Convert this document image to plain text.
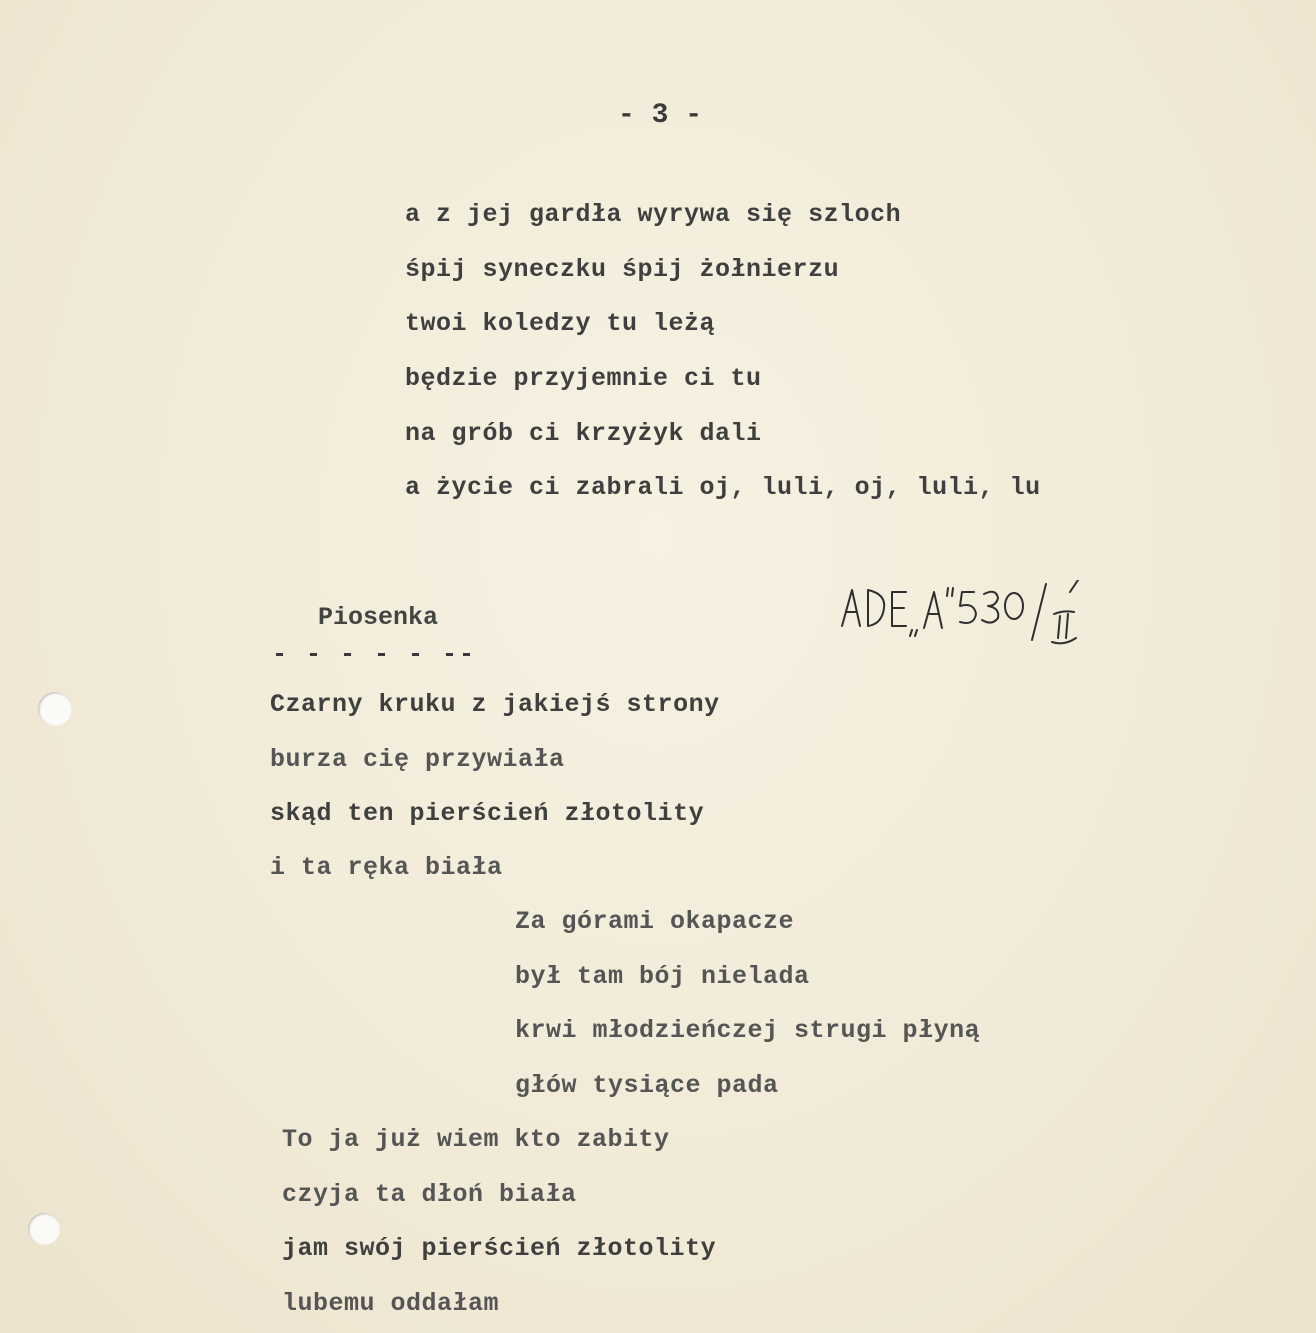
- 3 -
a z jej gardła wyrywa się szloch
śpij syneczku śpij żołnierzu
twoi koledzy tu leżą
będzie przyjemnie ci tu
na grób ci krzyżyk dali
a życie ci zabrali oj, luli, oj, luli, lu
Piosenka
- - - - - --
Czarny kruku z jakiejś strony
burza cię przywiała
skąd ten pierścień złotolity
i ta ręka biała
Za górami okapacze
był tam bój nielada
krwi młodzieńczej strugi płyną
głów tysiące pada
To ja już wiem kto zabity
czyja ta dłoń biała
jam swój pierścień złotolity
lubemu oddałam
